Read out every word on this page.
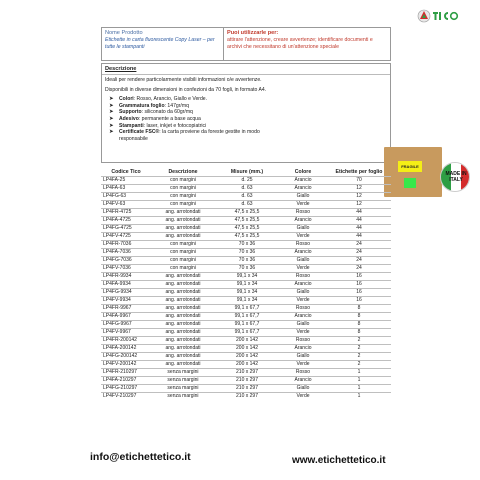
Nome Prodotto
Etichette in carta fluorescente Copy Laser – per tutte le stampanti
Puoi utilizzarle per:
attirare l'attenzione, creare avvertenze; identificare documenti e archivi che necessitano di un'attenzione speciale
Descrizione

Ideali per rendere particolarmente visibili informazioni o/e avvertenze.

Disponibili in diverse dimensioni in confezioni da 70 fogli, in formato A4.

➤ Colori: Rosso, Arancio, Giallo e Verde.
➤ Grammatura foglio: 147gr/mq
➤ Supporto: siliconato da 60gr/mq
➤ Adesivo: permanente a base acqua
➤ Stampanti: laser, inkjet e fotocopiatrici
➤ Certificate FSC®: la carta proviene da foreste gestite in modo responsabile
FRAGILE
MADE IN ITALY
Codice Tico	Descrizione	Misure (mm.)	Colore	Etichette per foglio
LP4FA-25	con margini	d. 25	Arancio	70
LP4FA-63	con margini	d. 63	Arancio	12
LP4FG-63	con margini	d. 63	Giallo	12
LP4FV-63	con margini	d. 63	Verde	12
LP4FR-4725	ang. arrotondati	47,5 x 25,5	Rosso	44
LP4FA-4725	ang. arrotondati	47,5 x 25,5	Arancio	44
LP4FG-4725	ang. arrotondati	47,5 x 25,5	Giallo	44
LP4FV-4725	ang. arrotondati	47,5 x 25,5	Verde	44
LP4FR-7036	con margini	70 x 36	Rosso	24
LP4FA-7036	con margini	70 x 36	Arancio	24
LP4FG-7036	con margini	70 x 36	Giallo	24
LP4FV-7036	con margini	70 x 36	Verde	24
LP4FR-9934	ang. arrotondati	99,1 x 34	Rosso	16
LP4FA-9934	ang. arrotondati	99,1 x 34	Arancio	16
LP4FG-9934	ang. arrotondati	99,1 x 34	Giallo	16
LP4FV-9934	ang. arrotondati	99,1 x 34	Verde	16
LP4FR-9967	ang. arrotondati	99,1 x 67,7	Rosso	8
LP4FA-9967	ang. arrotondati	99,1 x 67,7	Arancio	8
LP4FG-9967	ang. arrotondati	99,1 x 67,7	Giallo	8
LP4FV-9967	ang. arrotondati	99,1 x 67,7	Verde	8
LP4FR-200142	ang. arrotondati	200 x 142	Rosso	2
LP4FA-200142	ang. arrotondati	200 x 142	Arancio	2
LP4FG-200142	ang. arrotondati	200 x 142	Giallo	2
LP4FV-200142	ang. arrotondati	200 x 142	Verde	2
LP4FR-210297	senza margini	210 x 297	Rosso	1
LP4FA-210297	senza margini	210 x 297	Arancio	1
LP4FG-210297	senza margini	210 x 297	Giallo	1
LP4FV-210297	senza margini	210 x 297	Verde	1
info@etichettetico.it	www.etichettetico.it
